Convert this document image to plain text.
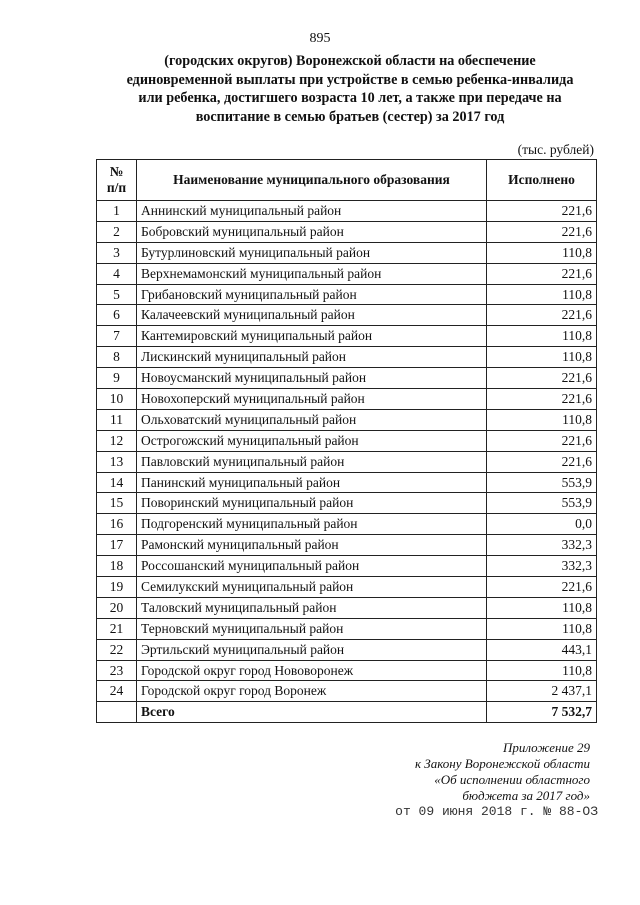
895
(городских округов) Воронежской области на обеспечение
единовременной выплаты при устройстве в семью ребенка-инвалида
или ребенка, достигшего возраста 10 лет, а также при передаче на
воспитание в семью братьев (сестер) за 2017 год
(тыс. рублей)
№
п/п	Наименование муниципального образования	Исполнено
1	Аннинский муниципальный район	221,6
2	Бобровский муниципальный район	221,6
3	Бутурлиновский муниципальный район	110,8
4	Верхнемамонский муниципальный район	221,6
5	Грибановский муниципальный район	110,8
6	Калачеевский муниципальный район	221,6
7	Кантемировский муниципальный район	110,8
8	Лискинский муниципальный район	110,8
9	Новоусманский муниципальный район	221,6
10	Новохоперский муниципальный район	221,6
11	Ольховатский муниципальный район	110,8
12	Острогожский муниципальный район	221,6
13	Павловский муниципальный район	221,6
14	Панинский муниципальный район	553,9
15	Поворинский муниципальный район	553,9
16	Подгоренский муниципальный район	0,0
17	Рамонский муниципальный район	332,3
18	Россошанский муниципальный район	332,3
19	Семилукский муниципальный район	221,6
20	Таловский муниципальный район	110,8
21	Терновский муниципальный район	110,8
22	Эртильский муниципальный район	443,1
23	Городской округ город Нововоронеж	110,8
24	Городской округ город Воронеж	2 437,1
	Всего	7 532,7
Приложение 29
к Закону Воронежской области
«Об исполнении областного
бюджета за 2017 год»
от 09 июня 2018 г. № 88-ОЗ
